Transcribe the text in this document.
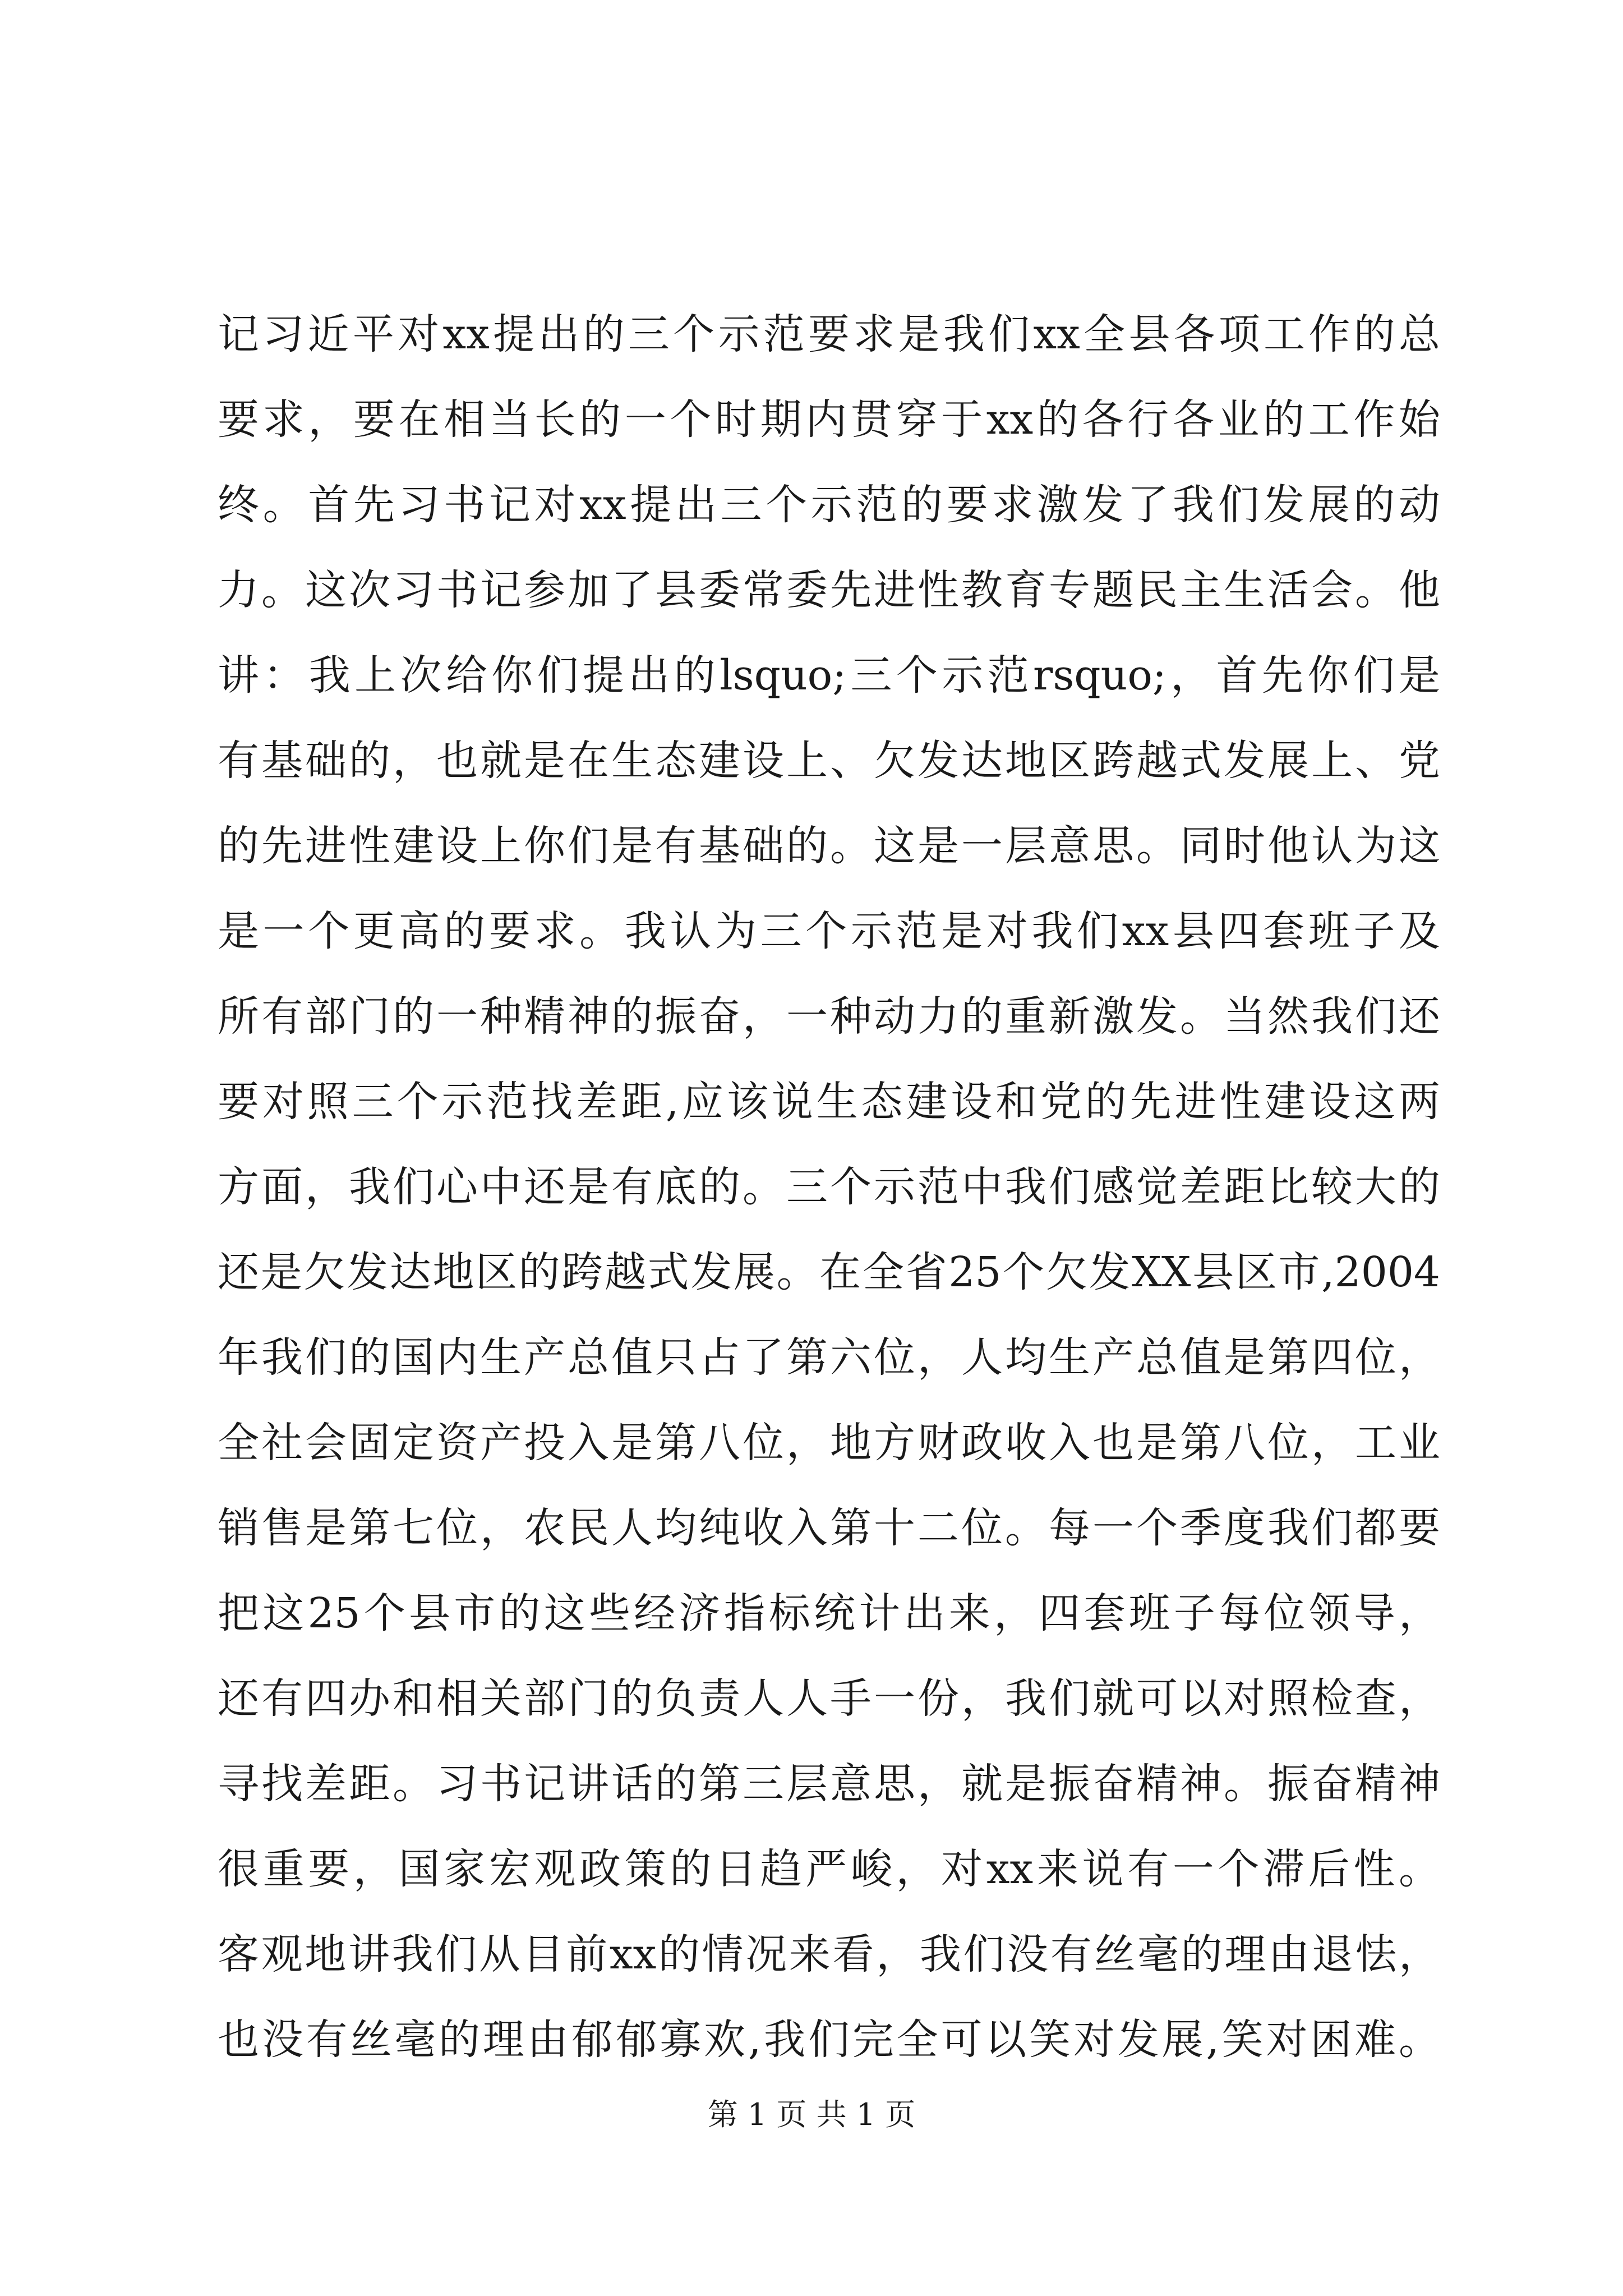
记习近平对xx提出的三个示范要求是我们xx全县各项工作的总
要求，要在相当长的一个时期内贯穿于xx的各行各业的工作始
终。首先习书记对xx提出三个示范的要求激发了我们发展的动
力。这次习书记参加了县委常委先进性教育专题民主生活会。他
讲：我上次给你们提出的lsquo;三个示范rsquo;，首先你们是
有基础的，也就是在生态建设上、欠发达地区跨越式发展上、党
的先进性建设上你们是有基础的。这是一层意思。同时他认为这
是一个更高的要求。我认为三个示范是对我们xx县四套班子及
所有部门的一种精神的振奋，一种动力的重新激发。当然我们还
要对照三个示范找差距,应该说生态建设和党的先进性建设这两
方面，我们心中还是有底的。三个示范中我们感觉差距比较大的
还是欠发达地区的跨越式发展。在全省25个欠发XX县区市,2004
年我们的国内生产总值只占了第六位，人均生产总值是第四位，
全社会固定资产投入是第八位，地方财政收入也是第八位，工业
销售是第七位，农民人均纯收入第十二位。每一个季度我们都要
把这25个县市的这些经济指标统计出来，四套班子每位领导，
还有四办和相关部门的负责人人手一份，我们就可以对照检查，
寻找差距。习书记讲话的第三层意思，就是振奋精神。振奋精神
很重要，国家宏观政策的日趋严峻，对xx来说有一个滞后性。
客观地讲我们从目前xx的情况来看，我们没有丝毫的理由退怯，
也没有丝毫的理由郁郁寡欢,我们完全可以笑对发展,笑对困难。
第 1 页 共 1 页
